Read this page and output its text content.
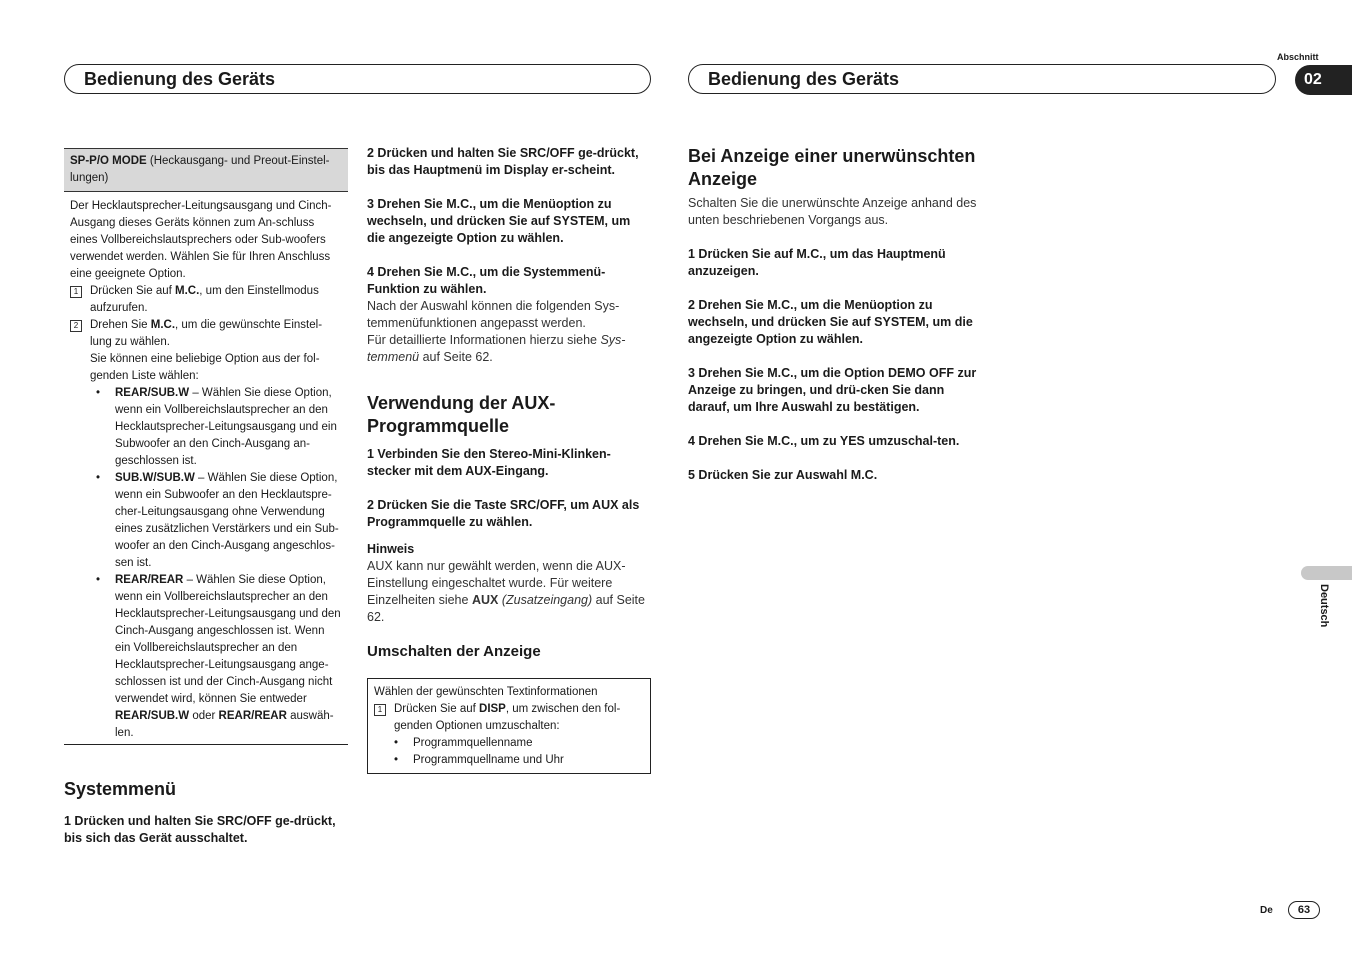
Bedienung des Geräts	Bedienung des Geräts
Abschnitt
02
Deutsch
De	63
SP-P/O MODE (Heckausgang- und Preout-Einstel-lungen)
Der Hecklautsprecher-Leitungsausgang und Cinch-Ausgang dieses Geräts können zum An-schluss eines Vollbereichslautsprechers oder Sub-woofers verwendet werden. Wählen Sie für Ihren Anschluss eine geeignete Option.
1	Drücken Sie auf M.C., um den Einstellmodus aufzurufen.
2	Drehen Sie M.C., um die gewünschte Einstel-lung zu wählen.
Sie können eine beliebige Option aus der fol-genden Liste wählen:
•	REAR/SUB.W – Wählen Sie diese Option, wenn ein Vollbereichslautsprecher an den Hecklautsprecher-Leitungsausgang und ein Subwoofer an den Cinch-Ausgang an-geschlossen ist.
•	SUB.W/SUB.W – Wählen Sie diese Option, wenn ein Subwoofer an den Hecklautspre-cher-Leitungsausgang ohne Verwendung eines zusätzlichen Verstärkers und ein Sub-woofer an den Cinch-Ausgang angeschlos-sen ist.
•	REAR/REAR – Wählen Sie diese Option, wenn ein Vollbereichslautsprecher an den Hecklautsprecher-Leitungsausgang und den Cinch-Ausgang angeschlossen ist. Wenn ein Vollbereichslautsprecher an den Hecklautsprecher-Leitungsausgang ange-schlossen ist und der Cinch-Ausgang nicht verwendet wird, können Sie entweder REAR/SUB.W oder REAR/REAR auswäh-len.
Systemmenü
1 Drücken und halten Sie SRC/OFF ge-drückt, bis sich das Gerät ausschaltet.
2 Drücken und halten Sie SRC/OFF ge-drückt, bis das Hauptmenü im Display er-scheint.
3 Drehen Sie M.C., um die Menüoption zu wechseln, und drücken Sie auf SYSTEM, um die angezeigte Option zu wählen.
4 Drehen Sie M.C., um die Systemmenü-Funktion zu wählen.
Nach der Auswahl können die folgenden Sys-temmenüfunktionen angepasst werden.
Für detaillierte Informationen hierzu siehe Sys-temmenü auf Seite 62.
Verwendung der AUX-Programmquelle
1 Verbinden Sie den Stereo-Mini-Klinken-stecker mit dem AUX-Eingang.
2 Drücken Sie die Taste SRC/OFF, um AUX als Programmquelle zu wählen.
Hinweis
AUX kann nur gewählt werden, wenn die AUX-Einstellung eingeschaltet wurde. Für weitere Einzelheiten siehe AUX (Zusatzeingang) auf Seite 62.
Umschalten der Anzeige
Wählen der gewünschten Textinformationen
1	Drücken Sie auf DISP, um zwischen den fol-genden Optionen umzuschalten:
•	Programmquellenname
•	Programmquellname und Uhr
Bei Anzeige einer unerwünschten Anzeige
Schalten Sie die unerwünschte Anzeige anhand des unten beschriebenen Vorgangs aus.
1 Drücken Sie auf M.C., um das Hauptmenü anzuzeigen.
2 Drehen Sie M.C., um die Menüoption zu wechseln, und drücken Sie auf SYSTEM, um die angezeigte Option zu wählen.
3 Drehen Sie M.C., um die Option DEMO OFF zur Anzeige zu bringen, und drü-cken Sie dann darauf, um Ihre Auswahl zu bestätigen.
4 Drehen Sie M.C., um zu YES umzuschal-ten.
5 Drücken Sie zur Auswahl M.C.
